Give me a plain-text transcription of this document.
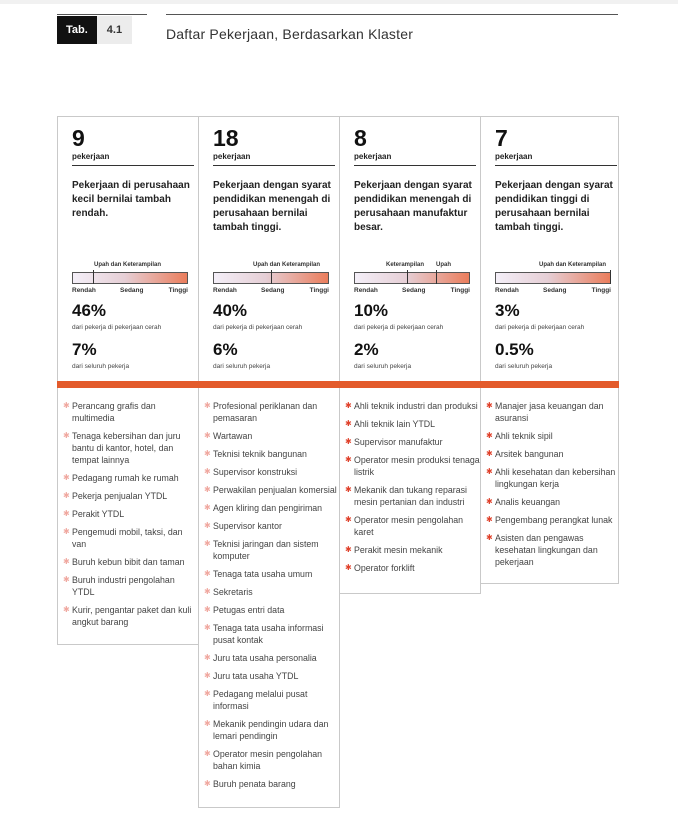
Tab.	4.1	Daftar Pekerjaan, Berdasarkan Klaster
9
pekerjaan
Pekerjaan di perusahaan kecil bernilai tambah rendah.
Upah dan Keterampilan
Rendah	Sedang	Tinggi
46%
dari pekerja di pekerjaan cerah
7%
dari seluruh pekerja
✱ Perancang grafis dan multimedia
✱ Tenaga kebersihan dan juru bantu di kantor, hotel, dan tempat lainnya
✱ Pedagang rumah ke rumah
✱ Pekerja penjualan YTDL
✱ Perakit YTDL
✱ Pengemudi mobil, taksi, dan van
✱ Buruh kebun bibit dan taman
✱ Buruh industri pengolahan YTDL
✱ Kurir, pengantar paket dan kuli angkut barang
18
pekerjaan
Pekerjaan dengan syarat pendidikan menengah di perusahaan bernilai tambah tinggi.
Upah dan Keterampilan
Rendah	Sedang	Tinggi
40%
dari pekerja di pekerjaan cerah
6%
dari seluruh pekerja
✱ Profesional periklanan dan pemasaran
✱ Wartawan
✱ Teknisi teknik bangunan
✱ Supervisor konstruksi
✱ Perwakilan penjualan komersial
✱ Agen kliring dan pengiriman
✱ Supervisor kantor
✱ Teknisi jaringan dan sistem komputer
✱ Tenaga tata usaha umum
✱ Sekretaris
✱ Petugas entri data
✱ Tenaga tata usaha informasi pusat kontak
✱ Juru tata usaha personalia
✱ Juru tata usaha YTDL
✱ Pedagang melalui pusat informasi
✱ Mekanik pendingin udara dan lemari pendingin
✱ Operator mesin pengolahan bahan kimia
✱ Buruh penata barang
8
pekerjaan
Pekerjaan dengan syarat pendidikan menengah di perusahaan manufaktur besar.
Keterampilan Upah
Rendah	Sedang	Tinggi
10%
dari pekerja di pekerjaan cerah
2%
dari seluruh pekerja
✱ Ahli teknik industri dan produksi
✱ Ahli teknik lain YTDL
✱ Supervisor manufaktur
✱ Operator mesin produksi tenaga listrik
✱ Mekanik dan tukang reparasi mesin pertanian dan industri
✱ Operator mesin pengolahan karet
✱ Perakit mesin mekanik
✱ Operator forklift
7
pekerjaan
Pekerjaan dengan syarat pendidikan tinggi di perusahaan bernilai tambah tinggi.
Upah dan Keterampilan
Rendah	Sedang	Tinggi
3%
dari pekerja di pekerjaan cerah
0.5%
dari seluruh pekerja
✱ Manajer jasa keuangan dan asuransi
✱ Ahli teknik sipil
✱ Arsitek bangunan
✱ Ahli kesehatan dan kebersihan lingkungan kerja
✱ Analis keuangan
✱ Pengembang perangkat lunak
✱ Asisten dan pengawas kesehatan lingkungan dan pekerjaan
